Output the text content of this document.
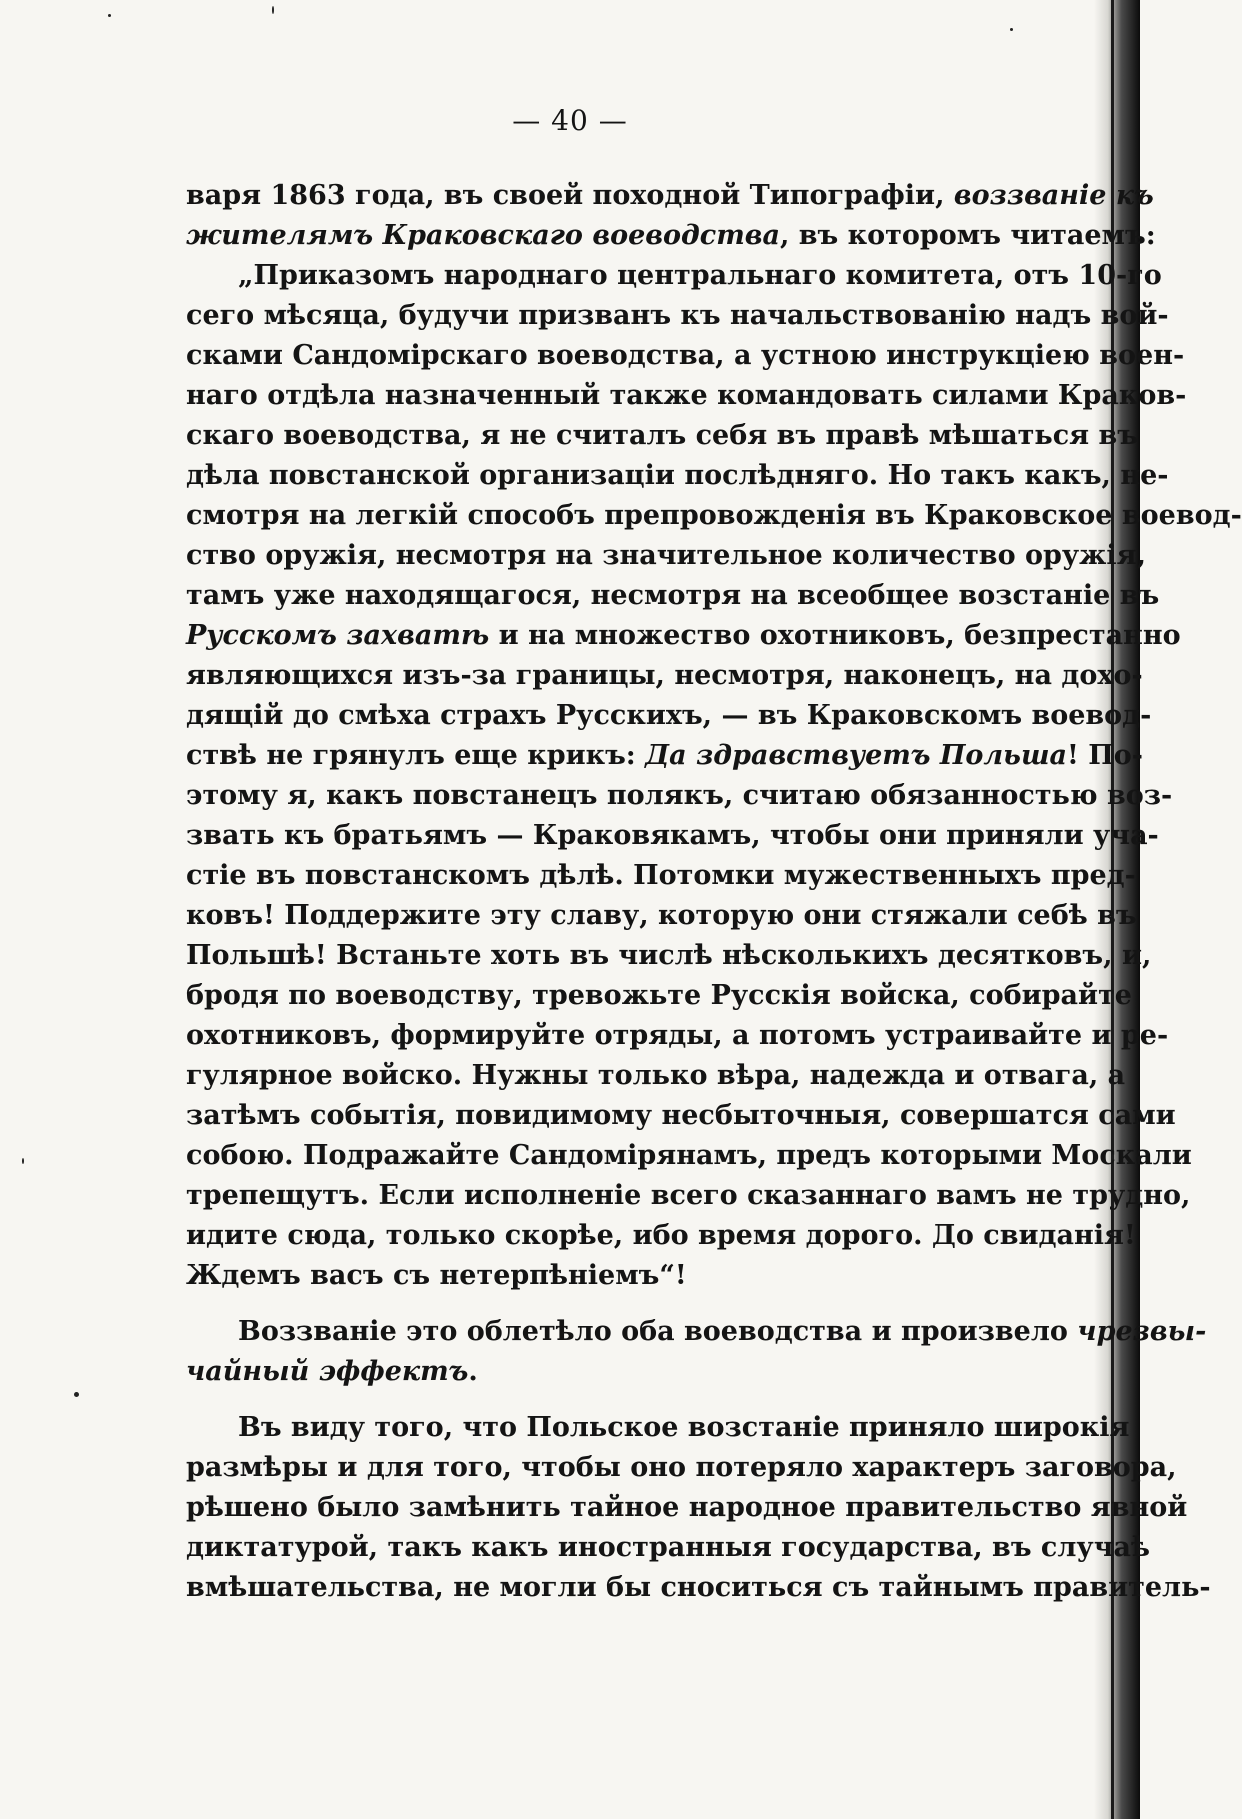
— 40 —
варя 1863 года, въ своей походной Типографіи, воззваніе къ
жителямъ Краковскаго воеводства, въ которомъ читаемъ:
„Приказомъ народнаго центральнаго комитета, отъ 10-го
сего мѣсяца, будучи призванъ къ начальствованію надъ вой-
сками Сандомірскаго воеводства, а устною инструкціею воен-
наго отдѣла назначенный также командовать силами Краков-
скаго воеводства, я не считалъ себя въ правѣ мѣшаться въ
дѣла повстанской организаціи послѣдняго. Но такъ какъ, не-
смотря на легкій способъ препровожденія въ Краковское воевод-
ство оружія, несмотря на значительное количество оружія,
тамъ уже находящагося, несмотря на всеобщее возстаніе въ
Русскомъ захватѣ и на множество охотниковъ, безпрестанно
являющихся изъ-за границы, несмотря, наконецъ, на дохо-
дящій до смѣха страхъ Русскихъ, — въ Краковскомъ воевод-
ствѣ не грянулъ еще крикъ: Да здравствуетъ Польша! По-
этому я, какъ повстанецъ полякъ, считаю обязанностью воз-
звать къ братьямъ — Краковякамъ, чтобы они приняли уча-
стіе въ повстанскомъ дѣлѣ. Потомки мужественныхъ пред-
ковъ! Поддержите эту славу, которую они стяжали себѣ въ
Польшѣ! Встаньте хоть въ числѣ нѣсколькихъ десятковъ, и,
бродя по воеводству, тревожьте Русскія войска, собирайте
охотниковъ, формируйте отряды, а потомъ устраивайте и ре-
гулярное войско. Нужны только вѣра, надежда и отвага, а
затѣмъ событія, повидимому несбыточныя, совершатся сами
собою. Подражайте Сандомірянамъ, предъ которыми Москали
трепещутъ. Если исполненіе всего сказаннаго вамъ не трудно,
идите сюда, только скорѣе, ибо время дорого. До свиданія!
Ждемъ васъ съ нетерпѣніемъ“!
Воззваніе это облетѣло оба воеводства и произвело чрезвы-
чайный эффектъ.
Въ виду того, что Польское возстаніе приняло широкія
размѣры и для того, чтобы оно потеряло характеръ заговора,
рѣшено было замѣнить тайное народное правительство явной
диктатурой, такъ какъ иностранныя государства, въ случаѣ
вмѣшательства, не могли бы сноситься съ тайнымъ правитель-
